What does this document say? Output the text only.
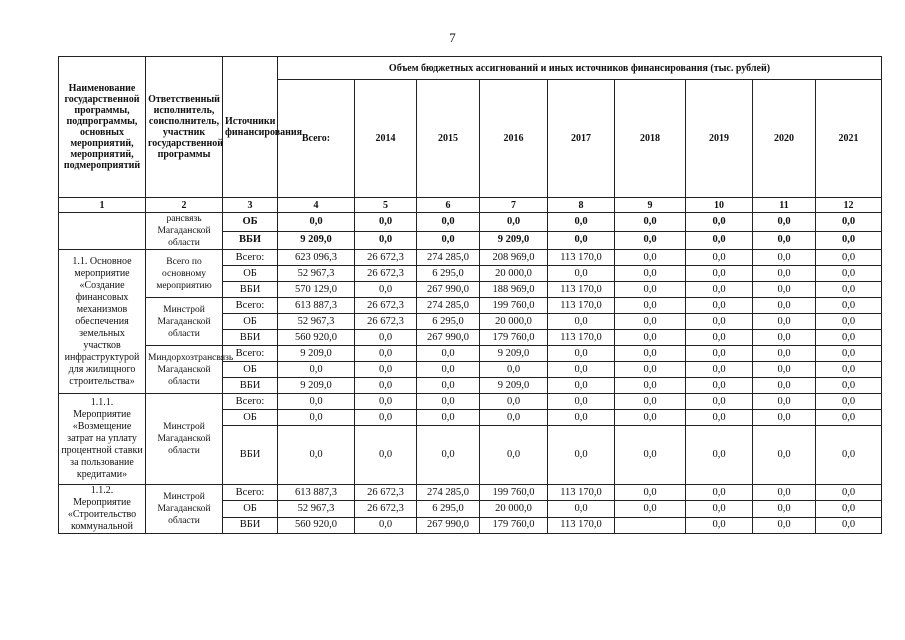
7
Наименование государственной программы, подпрограммы, основных мероприятий, мероприятий, подмероприятий	Ответственный исполнитель, соисполнитель, участник государственной программы	Источники финансирования	Объем бюджетных ассигнований и иных источников финансирования (тыс. рублей)								
			Всего:	2014	2015	2016	2017	2018	2019	2020	2021
1	2	3	4	5	6	7	8	9	10	11	12
	рансвязь Магаданской области	ОБ	0,0	0,0	0,0	0,0	0,0	0,0	0,0	0,0	0,0
		ВБИ	9 209,0	0,0	0,0	9 209,0	0,0	0,0	0,0	0,0	0,0
1.1. Основное мероприятие «Создание финансовых механизмов обеспечения земельных участков инфраструктурой для жилищного строительства»	Всего по основному мероприятию	Всего:	623 096,3	26 672,3	274 285,0	208 969,0	113 170,0	0,0	0,0	0,0	0,0
		ОБ	52 967,3	26 672,3	6 295,0	20 000,0	0,0	0,0	0,0	0,0	0,0
		ВБИ	570 129,0	0,0	267 990,0	188 969,0	113 170,0	0,0	0,0	0,0	0,0
	Минстрой Магаданской области	Всего:	613 887,3	26 672,3	274 285,0	199 760,0	113 170,0	0,0	0,0	0,0	0,0
		ОБ	52 967,3	26 672,3	6 295,0	20 000,0	0,0	0,0	0,0	0,0	0,0
		ВБИ	560 920,0	0,0	267 990,0	179 760,0	113 170,0	0,0	0,0	0,0	0,0
	Миндорхозтрансвязь Магаданской области	Всего:	9 209,0	0,0	0,0	9 209,0	0,0	0,0	0,0	0,0	0,0
		ОБ	0,0	0,0	0,0	0,0	0,0	0,0	0,0	0,0	0,0
		ВБИ	9 209,0	0,0	0,0	9 209,0	0,0	0,0	0,0	0,0	0,0
1.1.1. Мероприятие «Возмещение затрат на уплату процентной ставки за пользование кредитами»	Минстрой Магаданской области	Всего:	0,0	0,0	0,0	0,0	0,0	0,0	0,0	0,0	0,0
		ОБ	0,0	0,0	0,0	0,0	0,0	0,0	0,0	0,0	0,0
		ВБИ	0,0	0,0	0,0	0,0	0,0	0,0	0,0	0,0	0,0
1.1.2. Мероприятие «Строительство коммунальной	Минстрой Магаданской области	Всего:	613 887,3	26 672,3	274 285,0	199 760,0	113 170,0	0,0	0,0	0,0	0,0
		ОБ	52 967,3	26 672,3	6 295,0	20 000,0	0,0	0,0	0,0	0,0	0,0
		ВБИ	560 920,0	0,0	267 990,0	179 760,0	113 170,0		0,0	0,0	0,0
